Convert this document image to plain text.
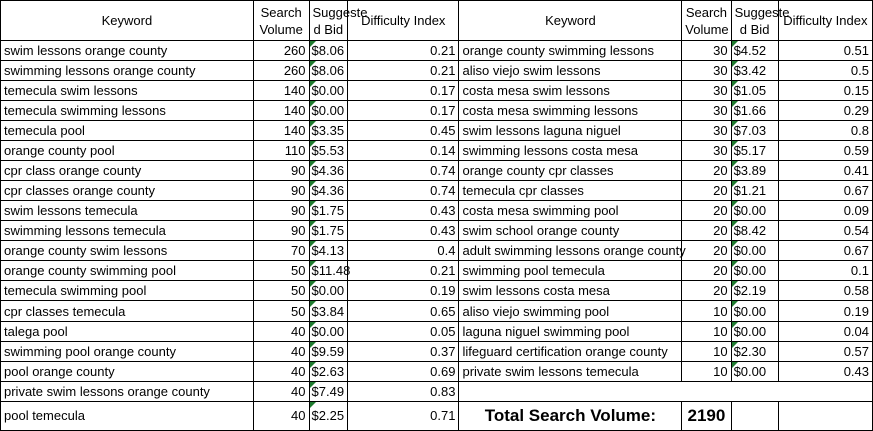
Keyword	Search Volume	Suggeste d Bid	Difficulty Index	Keyword	Search Volume	Suggeste d Bid	Difficulty Index
swim lessons orange county	260	$8.06	0.21	orange county swimming lessons	30	$4.52	0.51
swimming lessons orange county	260	$8.06	0.21	aliso viejo swim lessons	30	$3.42	0.5
temecula swim lessons	140	$0.00	0.17	costa mesa swim lessons	30	$1.05	0.15
temecula swimming lessons	140	$0.00	0.17	costa mesa swimming lessons	30	$1.66	0.29
temecula pool	140	$3.35	0.45	swim lessons laguna niguel	30	$7.03	0.8
orange county pool	110	$5.53	0.14	swimming lessons costa mesa	30	$5.17	0.59
cpr class orange county	90	$4.36	0.74	orange county cpr classes	20	$3.89	0.41
cpr classes orange county	90	$4.36	0.74	temecula cpr classes	20	$1.21	0.67
swim lessons temecula	90	$1.75	0.43	costa mesa swimming pool	20	$0.00	0.09
swimming lessons temecula	90	$1.75	0.43	swim school orange county	20	$8.42	0.54
orange county swim lessons	70	$4.13	0.4	adult swimming lessons orange county	20	$0.00	0.67
orange county swimming pool	50	$11.48	0.21	swimming pool temecula	20	$0.00	0.1
temecula swimming pool	50	$0.00	0.19	swim lessons costa mesa	20	$2.19	0.58
cpr classes temecula	50	$3.84	0.65	aliso viejo swimming pool	10	$0.00	0.19
talega pool	40	$0.00	0.05	laguna niguel swimming pool	10	$0.00	0.04
swimming pool orange county	40	$9.59	0.37	lifeguard certification orange county	10	$2.30	0.57
pool orange county	40	$2.63	0.69	private swim lessons temecula	10	$0.00	0.43
private swim lessons orange county	40	$7.49	0.83				
pool temecula	40	$2.25	0.71	Total Search Volume:	2190		
